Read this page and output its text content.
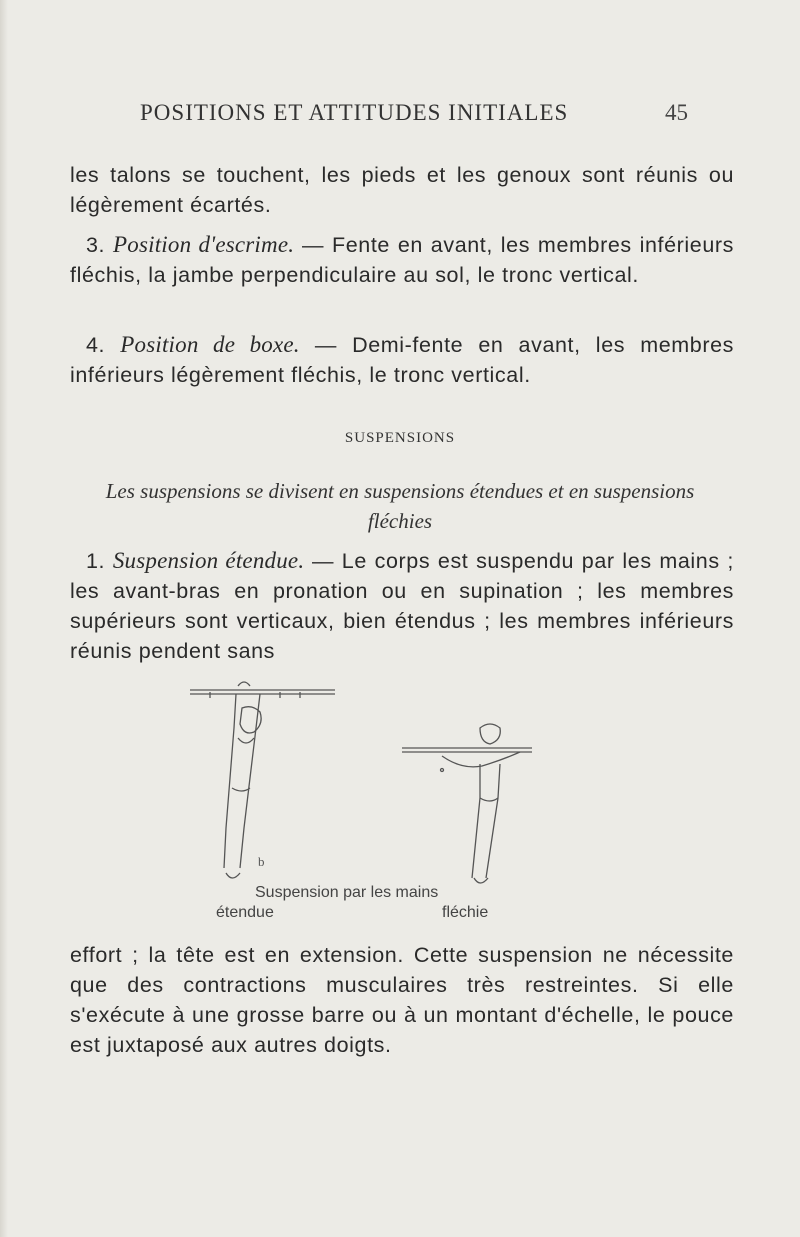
POSITIONS ET ATTITUDES INITIALES	45

les talons se touchent, les pieds et les genoux sont réunis ou légèrement écartés.

3. Position d'escrime. — Fente en avant, les membres inférieurs fléchis, la jambe perpendiculaire au sol, le tronc vertical.

4. Position de boxe. — Demi-fente en avant, les membres inférieurs légèrement fléchis, le tronc vertical.

SUSPENSIONS
Les suspensions se divisent en suspensions étendues et en suspensions fléchies

1. Suspension étendue. — Le corps est suspendu par les mains ; les avant-bras en pronation ou en supination ; les membres supérieurs sont verticaux, bien étendus ; les membres inférieurs réunis pendent sans

b
Suspension par les mains
étendue	fléchie

effort ; la tête est en extension. Cette suspension ne nécessite que des contractions musculaires très restreintes. Si elle s'exécute à une grosse barre ou à un montant d'échelle, le pouce est juxtaposé aux autres doigts.
